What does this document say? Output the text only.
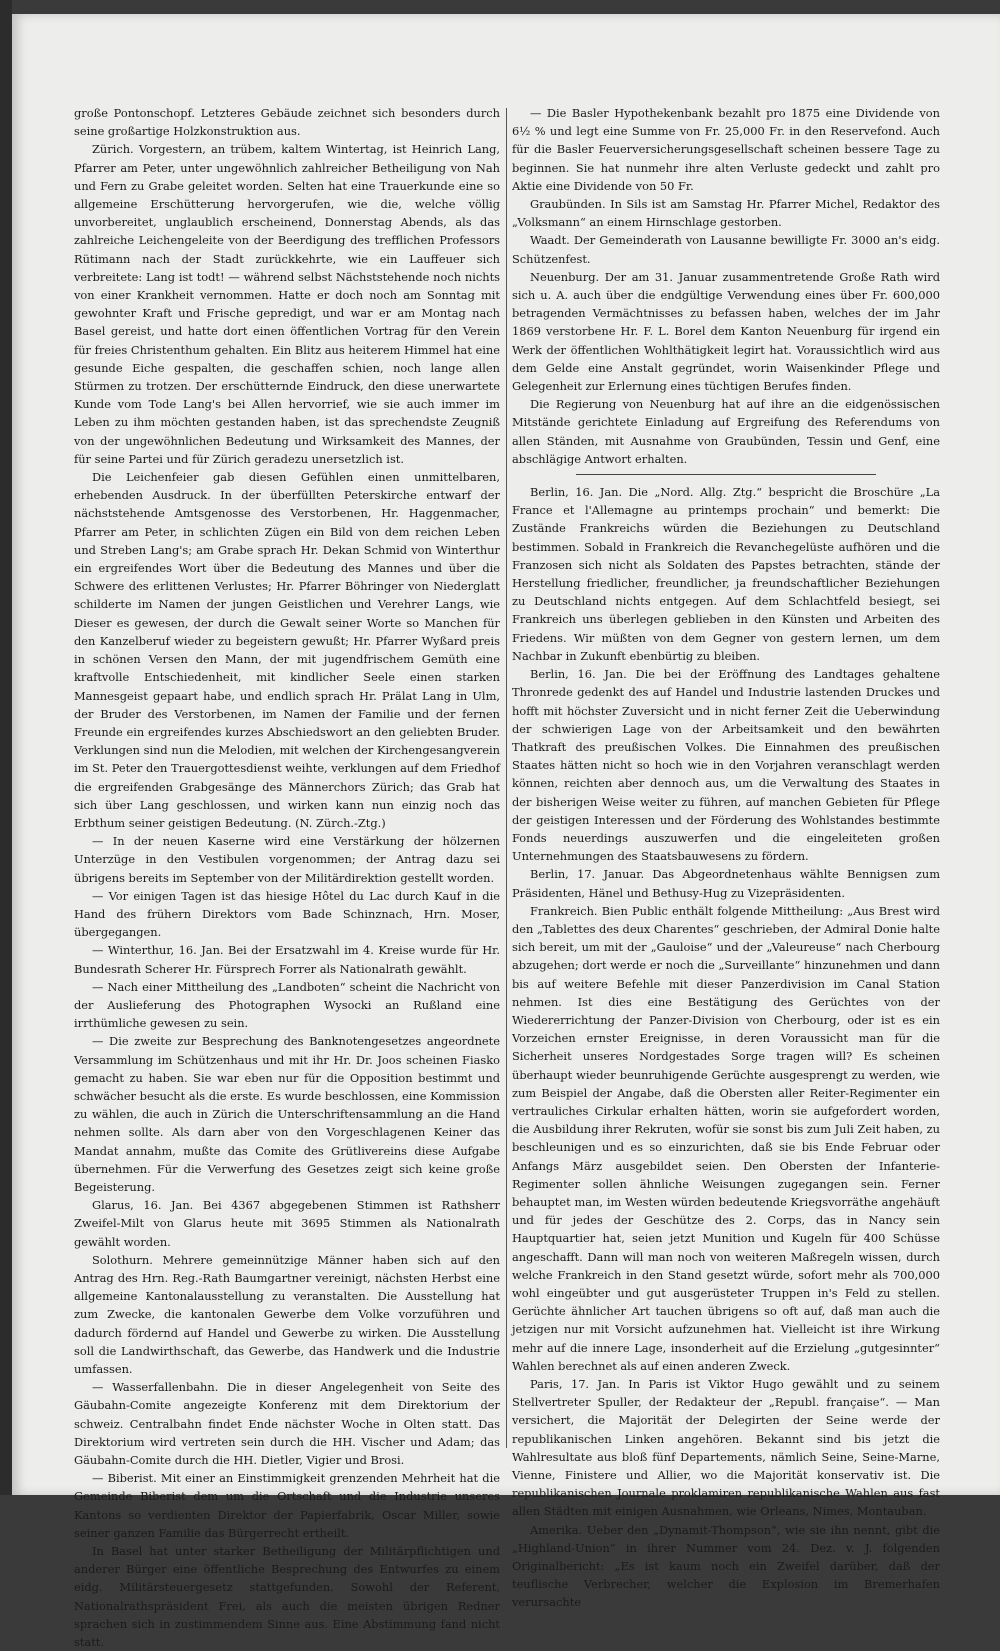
große Pontonschopf. Letzteres Gebäude zeichnet sich besonders durch seine großartige Holzkonstruktion aus.

Zürich. Vorgestern, an trübem, kaltem Wintertag, ist Heinrich Lang, Pfarrer am Peter, unter ungewöhnlich zahlreicher Betheiligung von Nah und Fern zu Grabe geleitet worden. Selten hat eine Trauerkunde eine so allgemeine Erschütterung hervorgerufen, wie die, welche völlig unvorbereitet, unglaublich erscheinend, Donnerstag Abends, als das zahlreiche Leichengeleite von der Beerdigung des trefflichen Professors Rütimann nach der Stadt zurückkehrte, wie ein Lauffeuer sich verbreitete: Lang ist todt! — während selbst Nächststehende noch nichts von einer Krankheit vernommen. Hatte er doch noch am Sonntag mit gewohnter Kraft und Frische gepredigt, und war er am Montag nach Basel gereist, und hatte dort einen öffentlichen Vortrag für den Verein für freies Christenthum gehalten. Ein Blitz aus heiterem Himmel hat eine gesunde Eiche gespalten, die geschaffen schien, noch lange allen Stürmen zu trotzen. Der erschütternde Eindruck, den diese unerwartete Kunde vom Tode Lang's bei Allen hervorrief, wie sie auch immer im Leben zu ihm möchten gestanden haben, ist das sprechendste Zeugniß von der ungewöhnlichen Bedeutung und Wirksamkeit des Mannes, der für seine Partei und für Zürich geradezu unersetzlich ist.

Die Leichenfeier gab diesen Gefühlen einen unmittelbaren, erhebenden Ausdruck. In der überfüllten Peterskirche entwarf der nächststehende Amtsgenosse des Verstorbenen, Hr. Haggenmacher, Pfarrer am Peter, in schlichten Zügen ein Bild von dem reichen Leben und Streben Lang's; am Grabe sprach Hr. Dekan Schmid von Winterthur ein ergreifendes Wort über die Bedeutung des Mannes und über die Schwere des erlittenen Verlustes; Hr. Pfarrer Böhringer von Niederglatt schilderte im Namen der jungen Geistlichen und Verehrer Langs, wie Dieser es gewesen, der durch die Gewalt seiner Worte so Manchen für den Kanzelberuf wieder zu begeistern gewußt; Hr. Pfarrer Wyßard preis in schönen Versen den Mann, der mit jugendfrischem Gemüth eine kraftvolle Entschiedenheit, mit kindlicher Seele einen starken Mannesgeist gepaart habe, und endlich sprach Hr. Prälat Lang in Ulm, der Bruder des Verstorbenen, im Namen der Familie und der fernen Freunde ein ergreifendes kurzes Abschiedswort an den geliebten Bruder. Verklungen sind nun die Melodien, mit welchen der Kirchengesangverein im St. Peter den Trauergottesdienst weihte, verklungen auf dem Friedhof die ergreifenden Grabgesänge des Männerchors Zürich; das Grab hat sich über Lang geschlossen, und wirken kann nun einzig noch das Erbthum seiner geistigen Bedeutung. (N. Zürch.-Ztg.)

— In der neuen Kaserne wird eine Verstärkung der hölzernen Unterzüge in den Vestibulen vorgenommen; der Antrag dazu sei übrigens bereits im September von der Militärdirektion gestellt worden.

— Vor einigen Tagen ist das hiesige Hôtel du Lac durch Kauf in die Hand des frühern Direktors vom Bade Schinznach, Hrn. Moser, übergegangen.

— Winterthur, 16. Jan. Bei der Ersatzwahl im 4. Kreise wurde für Hr. Bundesrath Scherer Hr. Fürsprech Forrer als Nationalrath gewählt.

— Nach einer Mittheilung des „Landboten“ scheint die Nachricht von der Auslieferung des Photographen Wysocki an Rußland eine irrthümliche gewesen zu sein.

— Die zweite zur Besprechung des Banknotengesetzes angeordnete Versammlung im Schützenhaus und mit ihr Hr. Dr. Joos scheinen Fiasko gemacht zu haben. Sie war eben nur für die Opposition bestimmt und schwächer besucht als die erste. Es wurde beschlossen, eine Kommission zu wählen, die auch in Zürich die Unterschriftensammlung an die Hand nehmen sollte. Als darn aber von den Vorgeschlagenen Keiner das Mandat annahm, mußte das Comite des Grütlivereins diese Aufgabe übernehmen. Für die Verwerfung des Gesetzes zeigt sich keine große Begeisterung.

Glarus, 16. Jan. Bei 4367 abgegebenen Stimmen ist Rathsherr Zweifel-Milt von Glarus heute mit 3695 Stimmen als Nationalrath gewählt worden.

Solothurn. Mehrere gemeinnützige Männer haben sich auf den Antrag des Hrn. Reg.-Rath Baumgartner vereinigt, nächsten Herbst eine allgemeine Kantonalausstellung zu veranstalten. Die Ausstellung hat zum Zwecke, die kantonalen Gewerbe dem Volke vorzuführen und dadurch fördernd auf Handel und Gewerbe zu wirken. Die Ausstellung soll die Landwirthschaft, das Gewerbe, das Handwerk und die Industrie umfassen.

— Wasserfallenbahn. Die in dieser Angelegenheit von Seite des Gäubahn-Comite angezeigte Konferenz mit dem Direktorium der schweiz. Centralbahn findet Ende nächster Woche in Olten statt. Das Direktorium wird vertreten sein durch die HH. Vischer und Adam; das Gäubahn-Comite durch die HH. Dietler, Vigier und Brosi.

— Biberist. Mit einer an Einstimmigkeit grenzenden Mehrheit hat die Gemeinde Biberist dem um die Ortschaft und die Industrie unseres Kantons so verdienten Direktor der Papierfabrik, Oscar Miller, sowie seiner ganzen Familie das Bürgerrecht ertheilt.

In Basel hat unter starker Betheiligung der Militärpflichtigen und anderer Bürger eine öffentliche Besprechung des Entwurfes zu einem eidg. Militärsteuergesetz stattgefunden. Sowohl der Referent, Nationalrathspräsident Frei, als auch die meisten übrigen Redner sprachen sich in zustimmendem Sinne aus. Eine Abstimmung fand nicht statt.

— Die Basler Hypothekenbank bezahlt pro 1875 eine Dividende von 6½ % und legt eine Summe von Fr. 25,000 Fr. in den Reservefond. Auch für die Basler Feuerversicherungsgesellschaft scheinen bessere Tage zu beginnen. Sie hat nunmehr ihre alten Verluste gedeckt und zahlt pro Aktie eine Dividende von 50 Fr.

Graubünden. In Sils ist am Samstag Hr. Pfarrer Michel, Redaktor des „Volksmann“ an einem Hirnschlage gestorben.

Waadt. Der Gemeinderath von Lausanne bewilligte Fr. 3000 an's eidg. Schützenfest.

Neuenburg. Der am 31. Januar zusammentretende Große Rath wird sich u. A. auch über die endgültige Verwendung eines über Fr. 600,000 betragenden Vermächtnisses zu befassen haben, welches der im Jahr 1869 verstorbene Hr. F. L. Borel dem Kanton Neuenburg für irgend ein Werk der öffentlichen Wohlthätigkeit legirt hat. Voraussichtlich wird aus dem Gelde eine Anstalt gegründet, worin Waisenkinder Pflege und Gelegenheit zur Erlernung eines tüchtigen Berufes finden.

Die Regierung von Neuenburg hat auf ihre an die eidgenössischen Mitstände gerichtete Einladung auf Ergreifung des Referendums von allen Ständen, mit Ausnahme von Graubünden, Tessin und Genf, eine abschlägige Antwort erhalten.

Berlin, 16. Jan. Die „Nord. Allg. Ztg.“ bespricht die Broschüre „La France et l'Allemagne au printemps prochain“ und bemerkt: Die Zustände Frankreichs würden die Beziehungen zu Deutschland bestimmen. Sobald in Frankreich die Revanchegelüste aufhören und die Franzosen sich nicht als Soldaten des Papstes betrachten, stände der Herstellung friedlicher, freundlicher, ja freundschaftlicher Beziehungen zu Deutschland nichts entgegen. Auf dem Schlachtfeld besiegt, sei Frankreich uns überlegen geblieben in den Künsten und Arbeiten des Friedens. Wir müßten von dem Gegner von gestern lernen, um dem Nachbar in Zukunft ebenbürtig zu bleiben.

Berlin, 16. Jan. Die bei der Eröffnung des Landtages gehaltene Thronrede gedenkt des auf Handel und Industrie lastenden Druckes und hofft mit höchster Zuversicht und in nicht ferner Zeit die Ueberwindung der schwierigen Lage von der Arbeitsamkeit und den bewährten Thatkraft des preußischen Volkes. Die Einnahmen des preußischen Staates hätten nicht so hoch wie in den Vorjahren veranschlagt werden können, reichten aber dennoch aus, um die Verwaltung des Staates in der bisherigen Weise weiter zu führen, auf manchen Gebieten für Pflege der geistigen Interessen und der Förderung des Wohlstandes bestimmte Fonds neuerdings auszuwerfen und die eingeleiteten großen Unternehmungen des Staatsbauwesens zu fördern.

Berlin, 17. Januar. Das Abgeordnetenhaus wählte Bennigsen zum Präsidenten, Hänel und Bethusy-Hug zu Vizepräsidenten.

Frankreich. Bien Public enthält folgende Mittheilung: „Aus Brest wird den „Tablettes des deux Charentes“ geschrieben, der Admiral Donie halte sich bereit, um mit der „Gauloise“ und der „Valeureuse“ nach Cherbourg abzugehen; dort werde er noch die „Surveillante“ hinzunehmen und dann bis auf weitere Befehle mit dieser Panzerdivision im Canal Station nehmen. Ist dies eine Bestätigung des Gerüchtes von der Wiedererrichtung der Panzer-Division von Cherbourg, oder ist es ein Vorzeichen ernster Ereignisse, in deren Voraussicht man für die Sicherheit unseres Nordgestades Sorge tragen will? Es scheinen überhaupt wieder beunruhigende Gerüchte ausgesprengt zu werden, wie zum Beispiel der Angabe, daß die Obersten aller Reiter-Regimenter ein vertrauliches Cirkular erhalten hätten, worin sie aufgefordert worden, die Ausbildung ihrer Rekruten, wofür sie sonst bis zum Juli Zeit haben, zu beschleunigen und es so einzurichten, daß sie bis Ende Februar oder Anfangs März ausgebildet seien. Den Obersten der Infanterie-Regimenter sollen ähnliche Weisungen zugegangen sein. Ferner behauptet man, im Westen würden bedeutende Kriegsvorräthe angehäuft und für jedes der Geschütze des 2. Corps, das in Nancy sein Hauptquartier hat, seien jetzt Munition und Kugeln für 400 Schüsse angeschafft. Dann will man noch von weiteren Maßregeln wissen, durch welche Frankreich in den Stand gesetzt würde, sofort mehr als 700,000 wohl eingeübter und gut ausgerüsteter Truppen in's Feld zu stellen. Gerüchte ähnlicher Art tauchen übrigens so oft auf, daß man auch die jetzigen nur mit Vorsicht aufzunehmen hat. Vielleicht ist ihre Wirkung mehr auf die innere Lage, insonderheit auf die Erzielung „gutgesinnter“ Wahlen berechnet als auf einen anderen Zweck.

Paris, 17. Jan. In Paris ist Viktor Hugo gewählt und zu seinem Stellvertreter Spuller, der Redakteur der „Republ. française“. — Man versichert, die Majorität der Delegirten der Seine werde der republikanischen Linken angehören. Bekannt sind bis jetzt die Wahlresultate aus bloß fünf Departements, nämlich Seine, Seine-Marne, Vienne, Finistere und Allier, wo die Majorität konservativ ist. Die republikanischen Journale proklamiren republikanische Wahlen aus fast allen Städten mit einigen Ausnahmen, wie Orleans, Nimes, Montauban.

Amerika. Ueber den „Dynamit-Thompson“, wie sie ihn nennt, gibt die „Highland-Union“ in ihrer Nummer vom 24. Dez. v. J. folgenden Originalbericht: „Es ist kaum noch ein Zweifel darüber, daß der teuflische Verbrecher, welcher die Explosion im Bremerhafen verursachte
